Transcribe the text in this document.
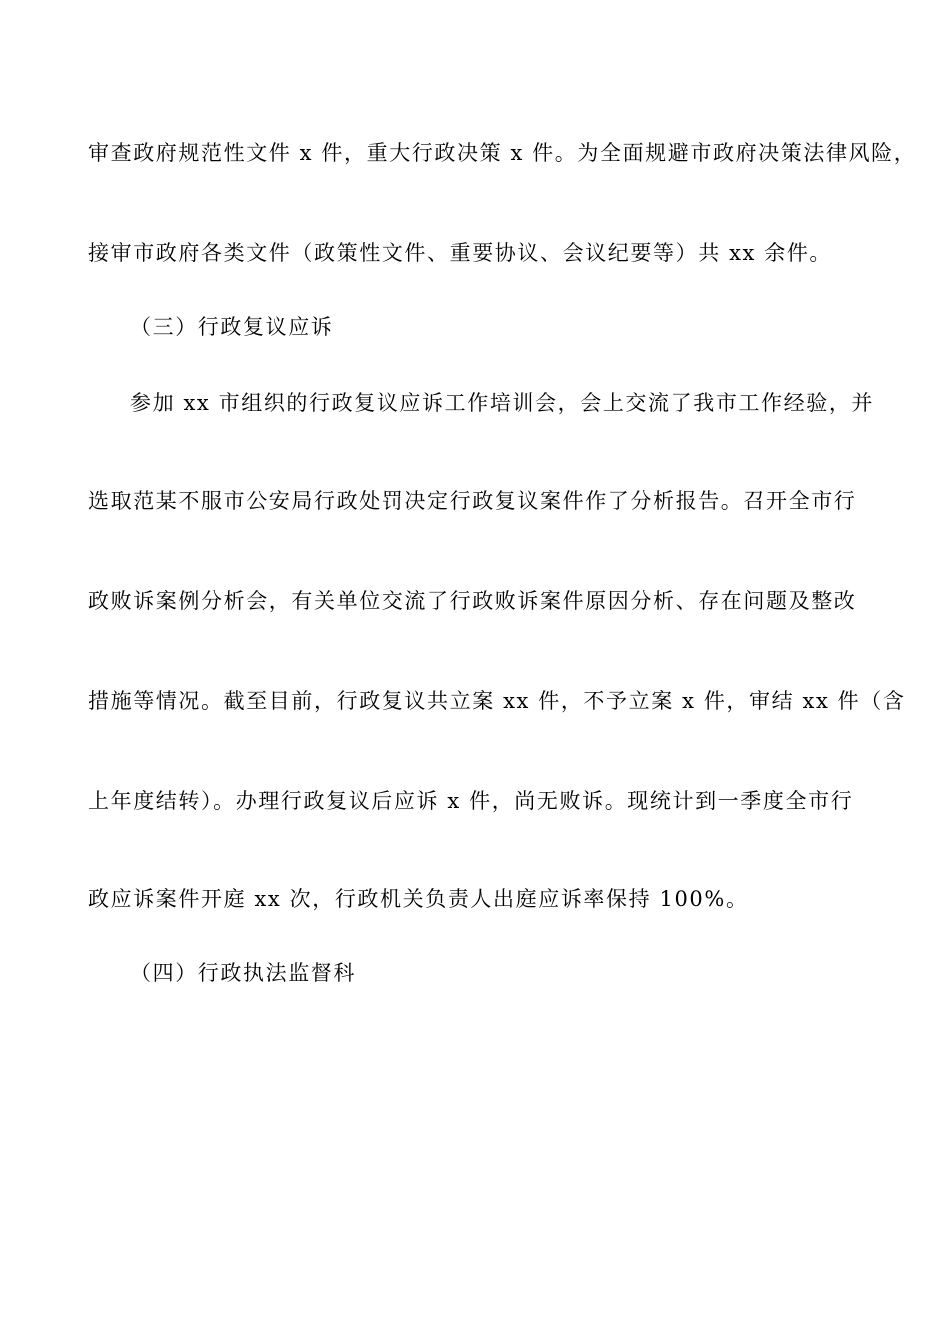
审查政府规范性文件 x 件，重大行政决策 x 件。为全面规避市政府决策法律风险，
接审市政府各类文件（政策性文件、重要协议、会议纪要等）共 xx 余件。
（三）行政复议应诉
参加 xx 市组织的行政复议应诉工作培训会，会上交流了我市工作经验，并
选取范某不服市公安局行政处罚决定行政复议案件作了分析报告。召开全市行
政败诉案例分析会，有关单位交流了行政败诉案件原因分析、存在问题及整改
措施等情况。截至目前，行政复议共立案 xx 件，不予立案 x 件，审结 xx 件（含
上年度结转）。办理行政复议后应诉 x 件，尚无败诉。现统计到一季度全市行
政应诉案件开庭 xx 次，行政机关负责人出庭应诉率保持 100%。
（四）行政执法监督科
